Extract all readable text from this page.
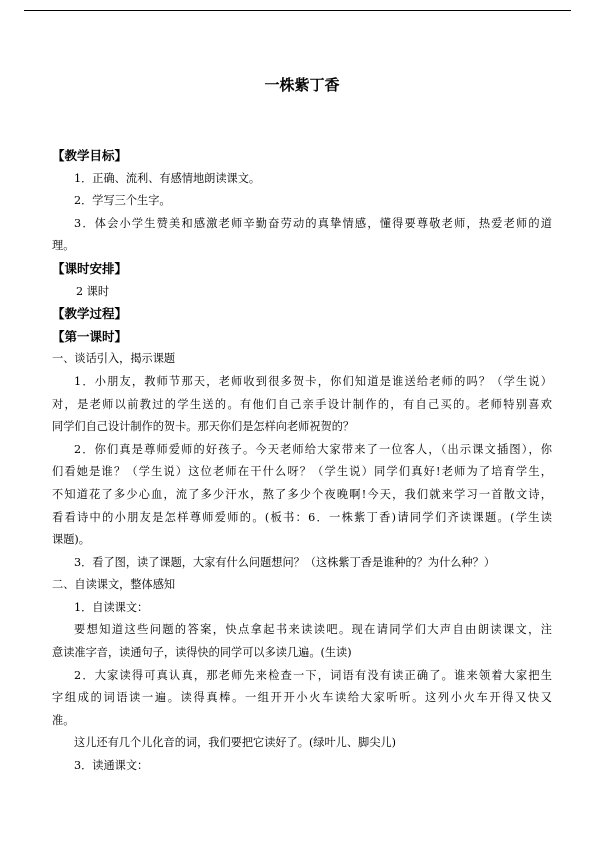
一株紫丁香
【教学目标】
1．正确、流利、有感情地朗读课文。
2．学写三个生字。
3．体会小学生赞美和感激老师辛勤奋劳动的真挚情感，懂得要尊敬老师，热爱老师的道
理。
【课时安排】
2 课时
【教学过程】
【第一课时】
一、谈话引入，揭示课题
1．小朋友，教师节那天，老师收到很多贺卡，你们知道是谁送给老师的吗？（学生说）
对，是老师以前教过的学生送的。有他们自己亲手设计制作的，有自己买的。老师特别喜欢
同学们自己设计制作的贺卡。那天你们是怎样向老师祝贺的？
2．你们真是尊师爱师的好孩子。今天老师给大家带来了一位客人，（出示课文插图），你
们看她是谁？（学生说）这位老师在干什么呀？（学生说）同学们真好!老师为了培育学生，
不知道花了多少心血，流了多少汗水，熬了多少个夜晚啊!今天，我们就来学习一首散文诗，
看看诗中的小朋友是怎样尊师爱师的。(板书：6．一株紫丁香)请同学们齐读课题。(学生读
课题)。
3．看了图，读了课题，大家有什么问题想问？（这株紫丁香是谁种的？为什么种？）
二、自读课文，整体感知
1．自读课文：
要想知道这些问题的答案，快点拿起书来读读吧。现在请同学们大声自由朗读课文，注
意读准字音，读通句子，读得快的同学可以多读几遍。(生读)
2．大家读得可真认真，那老师先来检查一下，词语有没有读正确了。谁来领着大家把生
字组成的词语读一遍。读得真棒。一组开开小火车读给大家听听。这列小火车开得又快又
准。
这儿还有几个儿化音的词，我们要把它读好了。(绿叶儿、脚尖儿)
3．读通课文：
